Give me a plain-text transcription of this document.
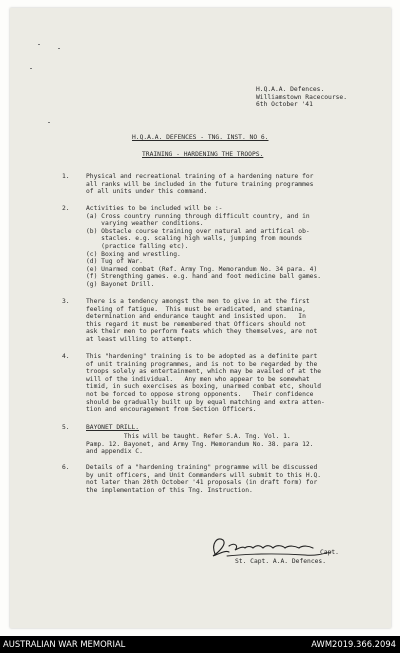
H.Q.A.A. Defences.
Williamstown Racecourse.
6th October '41
H.Q.A.A. DEFENCES - TNG. INST. NO 6.
TRAINING - HARDENING THE TROOPS.
1.	Physical and recreational training of a hardening nature for
all ranks will be included in the future training programmes
of all units under this command.
2.	Activities to be included will be :-
(a) Cross country running through difficult country, and in
varying weather conditions.
(b) Obstacle course training over natural and artifical ob-
stacles. e.g. scaling high walls, jumping from mounds
(practice falling etc).
(c) Boxing and wrestling.
(d) Tug of War.
(e) Unarmed combat (Ref. Army Tng. Memorandum No. 34 para. 4)
(f) Strengthing games. e.g. hand and foot medicine ball games.
(g) Bayonet Drill.
3.	There is a tendency amongst the men to give in at the first
feeling of fatigue.  This must be eradicated, and stamina,
determination and endurance taught and insisted upon.   In
this regard it must be remembered that Officers should not
ask their men to perform feats which they themselves, are not
at least willing to attempt.
4.	This "hardening" training is to be adopted as a definite part
of unit training programmes, and is not to be regarded by the
troops solely as entertainment, which may be availed of at the
will of the individual.   Any men who appear to be somewhat
timid, in such exercises as boxing, unarmed combat etc, should
not be forced to oppose strong opponents.   Their confidence
should be gradually built up by equal matching and extra atten-
tion and encouragement from Section Officers.
5.	BAYONET DRILL.
This will be taught. Refer S.A. Tng. Vol. 1.
Pamp. 12. Bayonet, and Army Tng. Memorandum No. 38. para 12.
and appendix C.
6.	Details of a "hardening training" programme will be discussed
by unit officers, and Unit Commanders will submit to this H.Q.
not later than 20th October '41 proposals (in draft form) for
the implementation of this Tng. Instruction.
Capt.
St. Capt. A.A. Defences.
AUSTRALIAN WAR MEMORIAL	AWM2019.366.2094
